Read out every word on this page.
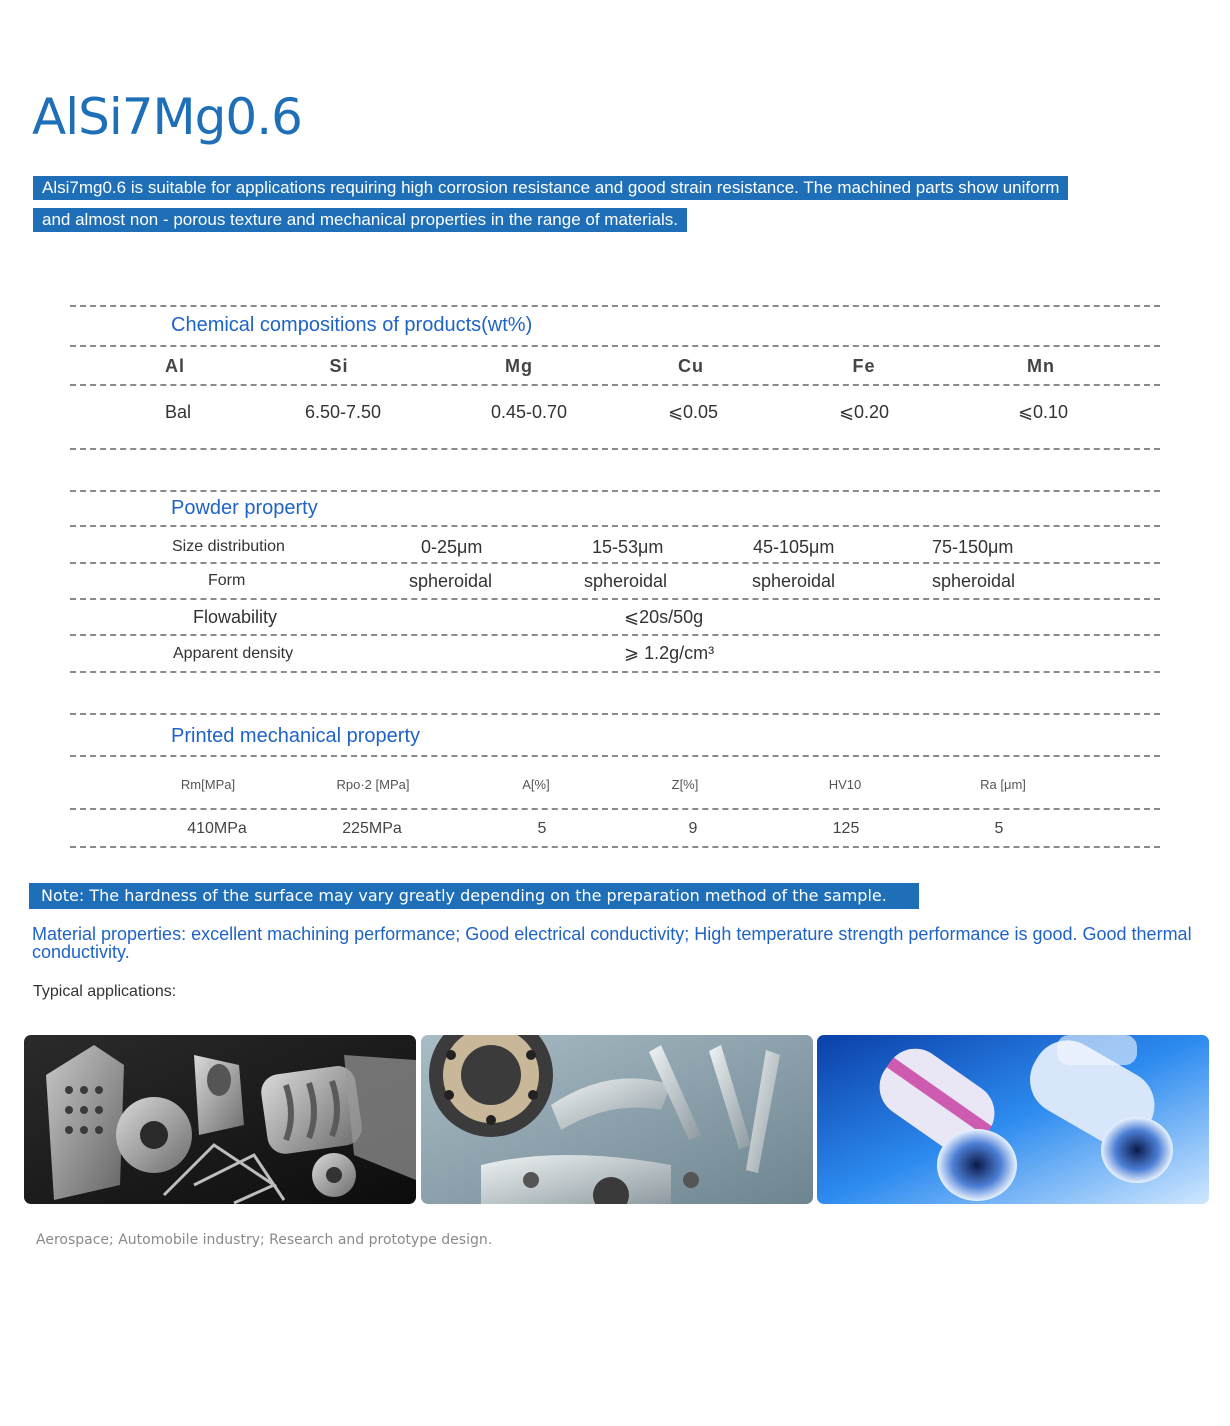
AlSi7Mg0.6
Alsi7mg0.6 is suitable for applications requiring high corrosion resistance and good strain resistance. The machined parts show uniform
and almost non - porous texture and mechanical properties in the range of materials.
Chemical compositions of products(wt%)
Al	Si	Mg	Cu	Fe	Mn
Bal	6.50-7.50	0.45-0.70	⩽0.05	⩽0.20	⩽0.10
Powder property
Size distribution	0-25μm	15-53μm	45-105μm	75-150μm
Form	spheroidal	spheroidal	spheroidal	spheroidal
Flowability	⩽20s/50g
Apparent density	⩾ 1.2g/cm³
Printed mechanical property
Rm[MPa]	Rpo·2 [MPa]	A[%]	Z[%]	HV10	Ra [μm]
410MPa	225MPa	5	9	125	5
Note: The hardness of the surface may vary greatly depending on the preparation method of the sample.
Material properties: excellent machining performance; Good electrical conductivity; High temperature strength performance is good. Good thermal conductivity.
Typical applications:
Aerospace; Automobile industry; Research and prototype design.
